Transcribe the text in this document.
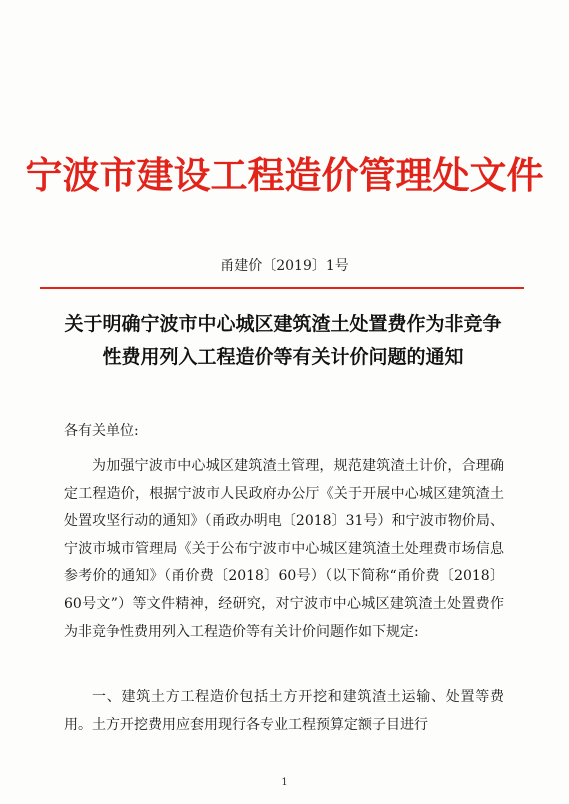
宁波市建设工程造价管理处文件
甬建价〔2019〕1号
关于明确宁波市中心城区建筑渣土处置费作为非竞争性费用列入工程造价等有关计价问题的通知
各有关单位:

为加强宁波市中心城区建筑渣土管理，规范建筑渣土计价，合理确定工程造价，根据宁波市人民政府办公厅《关于开展中心城区建筑渣土处置攻坚行动的通知》（甬政办明电〔2018〕31号）和宁波市物价局、宁波市城市管理局《关于公布宁波市中心城区建筑渣土处理费市场信息参考价的通知》（甬价费〔2018〕60号）（以下简称“甬价费〔2018〕60号文”）等文件精神，经研究，对宁波市中心城区建筑渣土处置费作为非竞争性费用列入工程造价等有关计价问题作如下规定:

一、建筑土方工程造价包括土方开挖和建筑渣土运输、处置等费用。土方开挖费用应套用现行各专业工程预算定额子目进行

1
